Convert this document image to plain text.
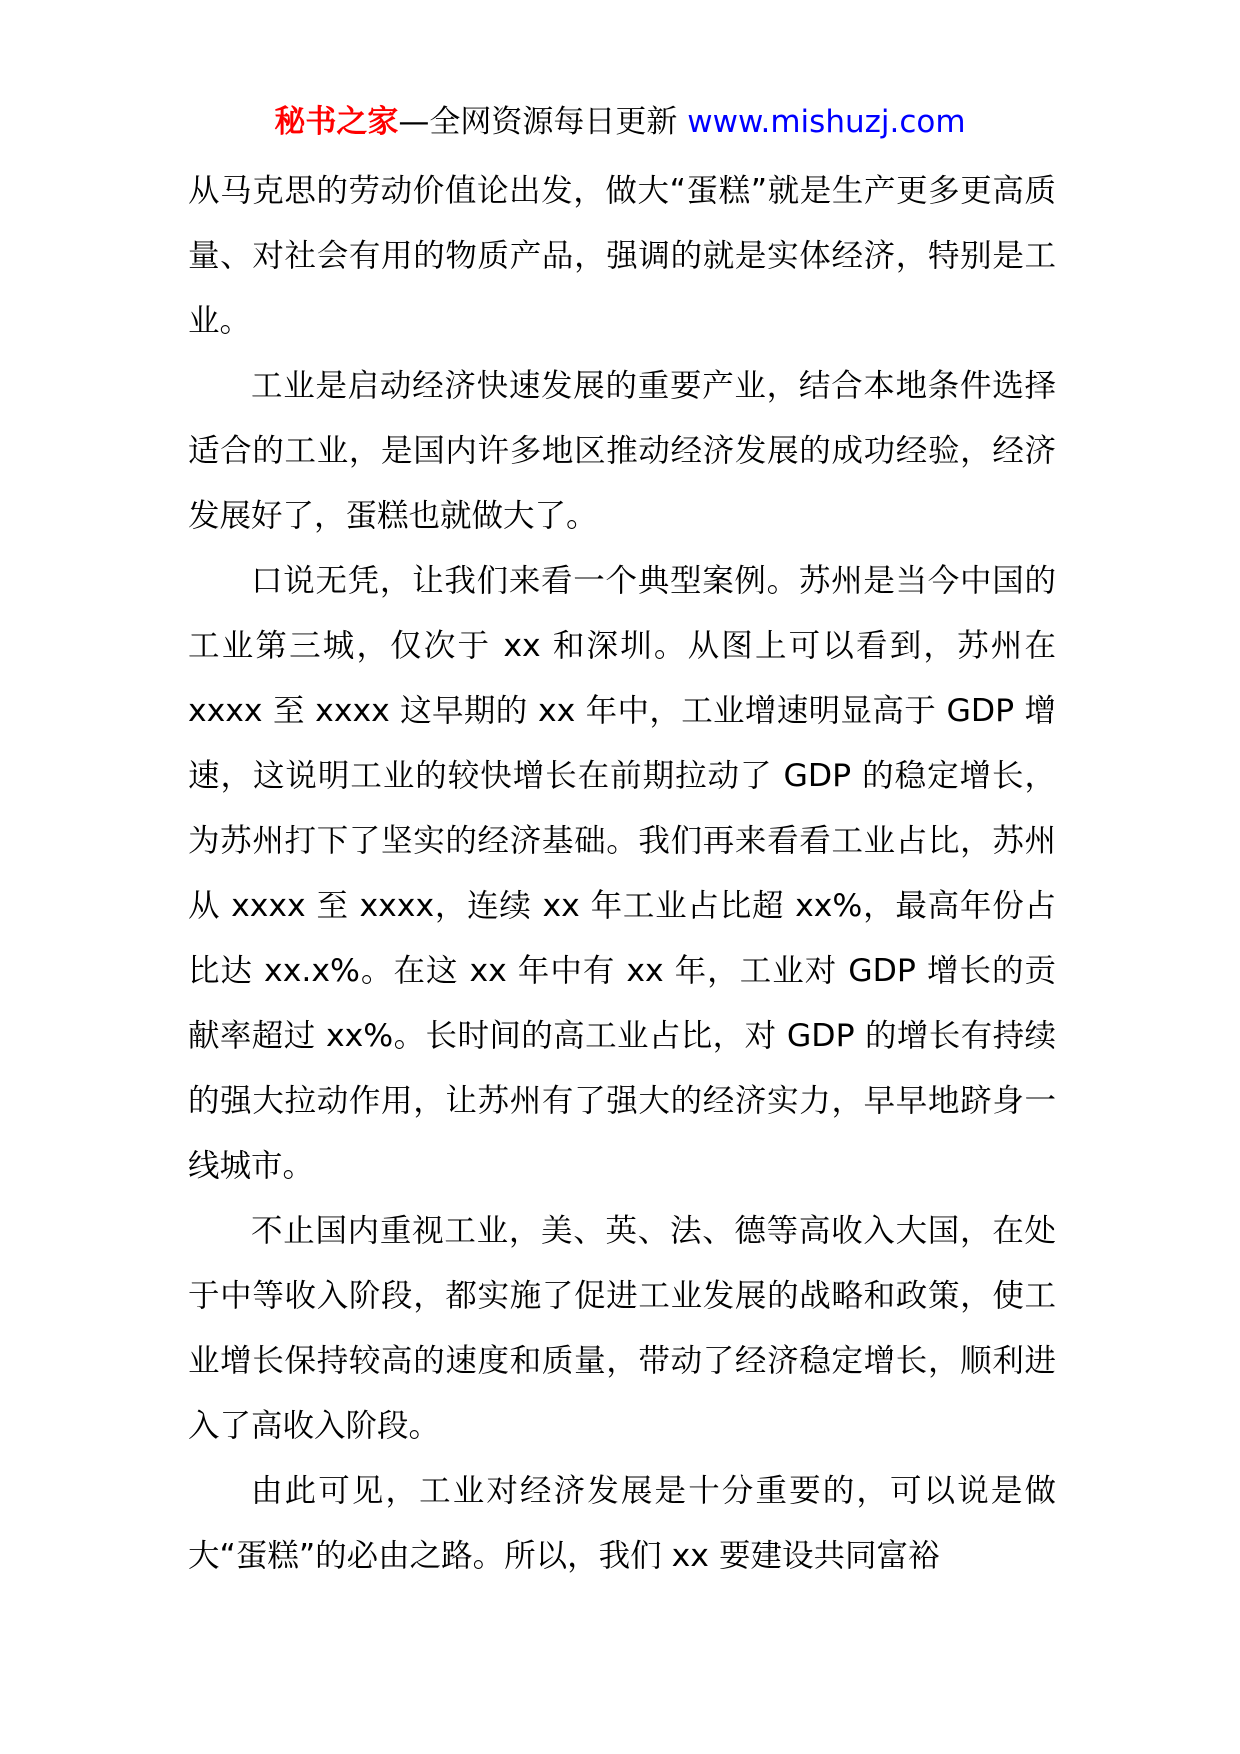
秘书之家—全网资源每日更新 www.mishuzj.com

从马克思的劳动价值论出发，做大“蛋糕”就是生产更多更高质量、对社会有用的物质产品，强调的就是实体经济，特别是工业。

工业是启动经济快速发展的重要产业，结合本地条件选择适合的工业，是国内许多地区推动经济发展的成功经验，经济发展好了，蛋糕也就做大了。

口说无凭，让我们来看一个典型案例。苏州是当今中国的工业第三城，仅次于 xx 和深圳。从图上可以看到，苏州在 xxxx 至 xxxx 这早期的 xx 年中，工业增速明显高于 GDP 增速，这说明工业的较快增长在前期拉动了 GDP 的稳定增长，为苏州打下了坚实的经济基础。我们再来看看工业占比，苏州从 xxxx 至 xxxx，连续 xx 年工业占比超 xx%，最高年份占比达 xx.x%。在这 xx 年中有 xx 年，工业对 GDP 增长的贡献率超过 xx%。长时间的高工业占比，对 GDP 的增长有持续的强大拉动作用，让苏州有了强大的经济实力，早早地跻身一线城市。

不止国内重视工业，美、英、法、德等高收入大国，在处于中等收入阶段，都实施了促进工业发展的战略和政策，使工业增长保持较高的速度和质量，带动了经济稳定增长，顺利进入了高收入阶段。

由此可见，工业对经济发展是十分重要的，可以说是做大“蛋糕”的必由之路。所以，我们 xx 要建设共同富裕
